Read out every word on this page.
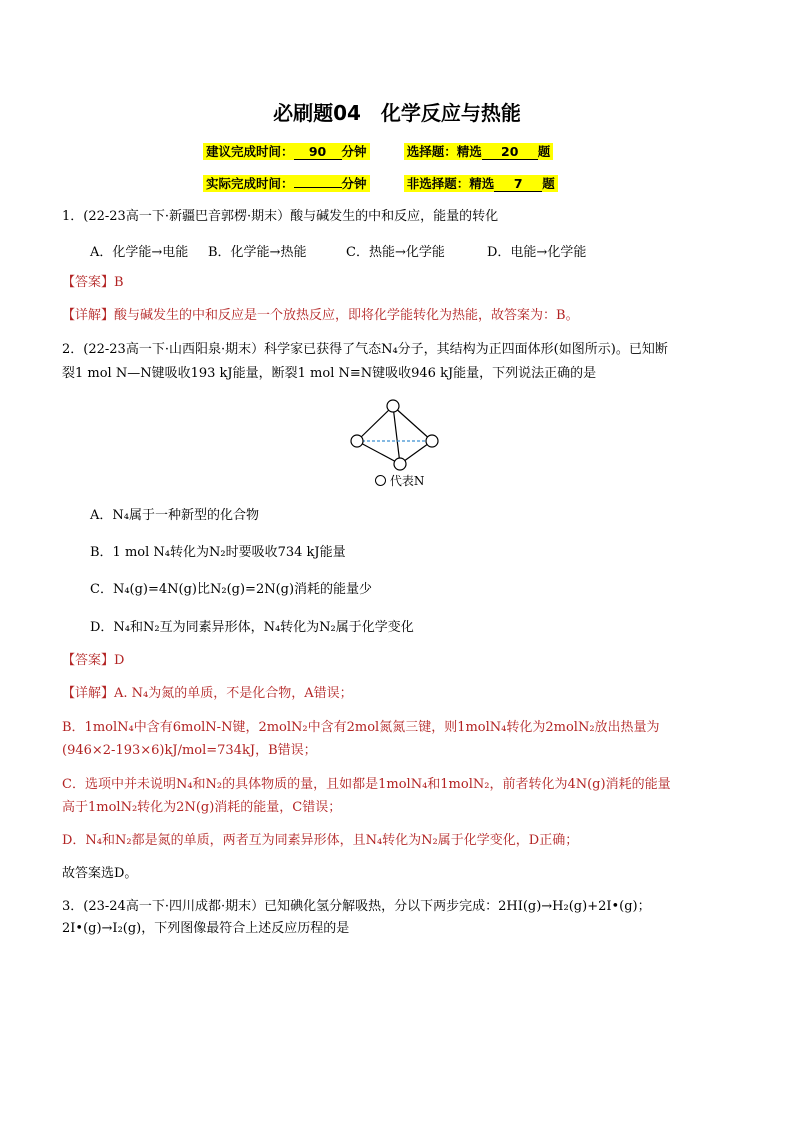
必刷题04　化学反应与热能
建议完成时间： 90 分钟	选择题：精选 20 题
实际完成时间：	分钟	非选择题：精选 7 题
1．(22-23高一下·新疆巴音郭楞·期末）酸与碱发生的中和反应，能量的转化
A．化学能→电能 B．化学能→热能	C．热能→化学能	D．电能→化学能
【答案】B
【详解】酸与碱发生的中和反应是一个放热反应，即将化学能转化为热能，故答案为：B。
2．(22-23高一下·山西阳泉·期末）科学家已获得了气态N₄分子，其结构为正四面体形(如图所示)。已知断
裂1 mol N—N键吸收193 kJ能量，断裂1 mol N≡N键吸收946 kJ能量，下列说法正确的是
代表N
A．N₄属于一种新型的化合物
B．1 mol N₄转化为N₂时要吸收734 kJ能量
C．N₄(g)=4N(g)比N₂(g)=2N(g)消耗的能量少
D．N₄和N₂互为同素异形体，N₄转化为N₂属于化学变化
【答案】D
【详解】A. N₄为氮的单质，不是化合物，A错误；
B．1molN₄中含有6molN-N键，2molN₂中含有2mol氮氮三键，则1molN₄转化为2molN₂放出热量为
(946×2-193×6)kJ/mol=734kJ，B错误；
C．选项中并未说明N₄和N₂的具体物质的量，且如都是1molN₄和1molN₂，前者转化为4N(g)消耗的能量
高于1molN₂转化为2N(g)消耗的能量，C错误；
D．N₄和N₂都是氮的单质，两者互为同素异形体，且N₄转化为N₂属于化学变化，D正确；
故答案选D。
3．(23-24高一下·四川成都·期末）已知碘化氢分解吸热，分以下两步完成：2HI(g)→H₂(g)+2I•(g)；
2I•(g)→I₂(g)，下列图像最符合上述反应历程的是
